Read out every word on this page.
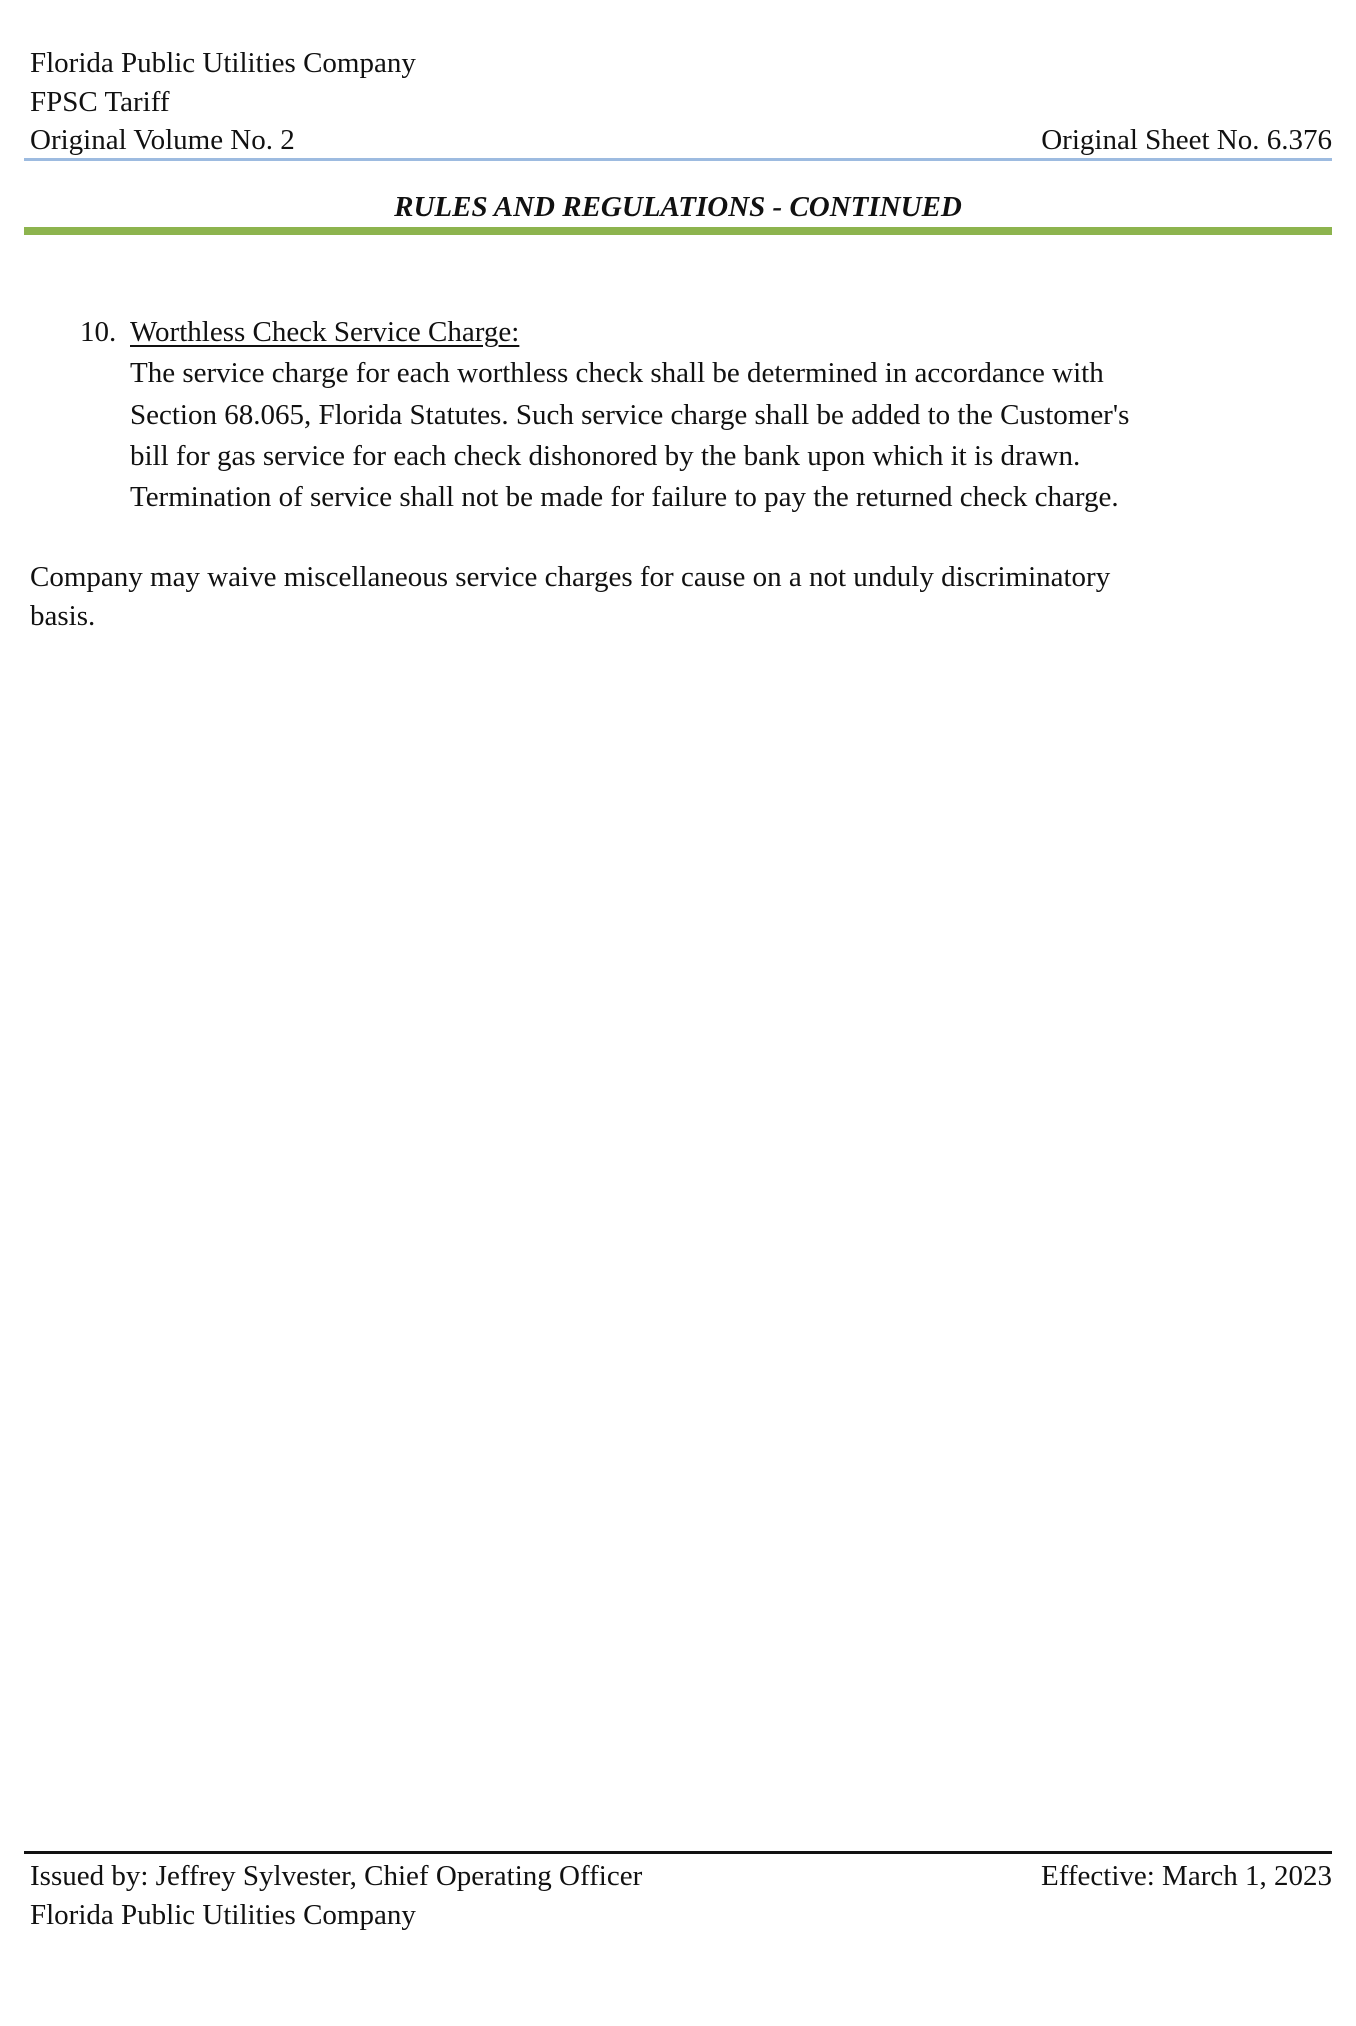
Florida Public Utilities Company
FPSC Tariff
Original Volume No. 2	Original Sheet No. 6.376
RULES AND REGULATIONS - CONTINUED
10. Worthless Check Service Charge:
The service charge for each worthless check shall be determined in accordance with
Section 68.065, Florida Statutes. Such service charge shall be added to the Customer's
bill for gas service for each check dishonored by the bank upon which it is drawn.
Termination of service shall not be made for failure to pay the returned check charge.
Company may waive miscellaneous service charges for cause on a not unduly discriminatory
basis.
Issued by: Jeffrey Sylvester, Chief Operating Officer	Effective: March 1, 2023
Florida Public Utilities Company
